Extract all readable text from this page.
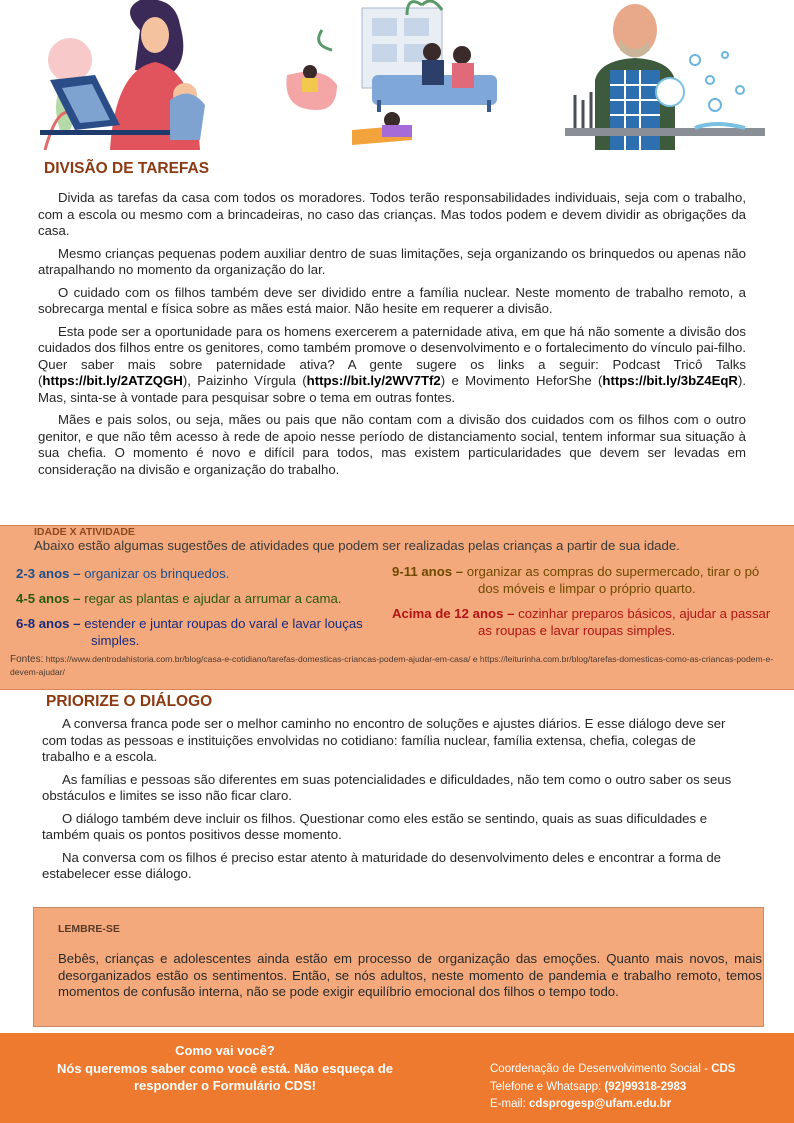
DIVISÃO DE TAREFAS

Divida as tarefas da casa com todos os moradores. Todos terão responsabilidades individuais, seja com o trabalho, com a escola ou mesmo com a brincadeiras, no caso das crianças. Mas todos podem e devem dividir as obrigações da casa.

Mesmo crianças pequenas podem auxiliar dentro de suas limitações, seja organizando os brinquedos ou apenas não atrapalhando no momento da organização do lar.

O cuidado com os filhos também deve ser dividido entre a família nuclear. Neste momento de trabalho remoto, a sobrecarga mental e física sobre as mães está maior. Não hesite em requerer a divisão.

Esta pode ser a oportunidade para os homens exercerem a paternidade ativa, em que há não somente a divisão dos cuidados dos filhos entre os genitores, como também promove o desenvolvimento e o fortalecimento do vínculo pai-filho. Quer saber mais sobre paternidade ativa? A gente sugere os links a seguir: Podcast Tricô Talks (https://bit.ly/2ATZQGH), Paizinho Vírgula (https://bit.ly/2WV7Tf2) e Movimento HeforShe (https://bit.ly/3bZ4EqR). Mas, sinta-se à vontade para pesquisar sobre o tema em outras fontes.

Mães e pais solos, ou seja, mães ou pais que não contam com a divisão dos cuidados com os filhos com o outro genitor, e que não têm acesso à rede de apoio nesse período de distanciamento social, tentem informar sua situação à sua chefia. O momento é novo e difícil para todos, mas existem particularidades que devem ser levadas em consideração na divisão e organização do trabalho.

IDADE X ATIVIDADE
Abaixo estão algumas sugestões de atividades que podem ser realizadas pelas crianças a partir de sua idade.
2-3 anos – organizar os brinquedos.
4-5 anos – regar as plantas e ajudar a arrumar a cama.
6-8 anos – estender e juntar roupas do varal e lavar louças simples.
9-11 anos – organizar as compras do supermercado, tirar o pó dos móveis e limpar o próprio quarto.
Acima de 12 anos – cozinhar preparos básicos, ajudar a passar as roupas e lavar roupas simples.
Fontes: https://www.dentrodahistoria.com.br/blog/casa-e-cotidiano/tarefas-domesticas-criancas-podem-ajudar-em-casa/ e https://leiturinha.com.br/blog/tarefas-domesticas-como-as-criancas-podem-e-devem-ajudar/
PRIORIZE O DIÁLOGO

A conversa franca pode ser o melhor caminho no encontro de soluções e ajustes diários. E esse diálogo deve ser com todas as pessoas e instituições envolvidas no cotidiano: família nuclear, família extensa, chefia, colegas de trabalho e a escola.

As famílias e pessoas são diferentes em suas potencialidades e dificuldades, não tem como o outro saber os seus obstáculos e limites se isso não ficar claro.

O diálogo também deve incluir os filhos. Questionar como eles estão se sentindo, quais as suas dificuldades e também quais os pontos positivos desse momento.

Na conversa com os filhos é preciso estar atento à maturidade do desenvolvimento deles e encontrar a forma de estabelecer esse diálogo.

LEMBRE-SE
Bebês, crianças e adolescentes ainda estão em processo de organização das emoções. Quanto mais novos, mais desorganizados estão os sentimentos. Então, se nós adultos, neste momento de pandemia e trabalho remoto, temos momentos de confusão interna, não se pode exigir equilíbrio emocional dos filhos o tempo todo.
Como vai você?
Nós queremos saber como você está. Não esqueça de responder o Formulário CDS!
Coordenação de Desenvolvimento Social - CDS
Telefone e Whatsapp: (92)99318-2983
E-mail: cdsprogesp@ufam.edu.br
